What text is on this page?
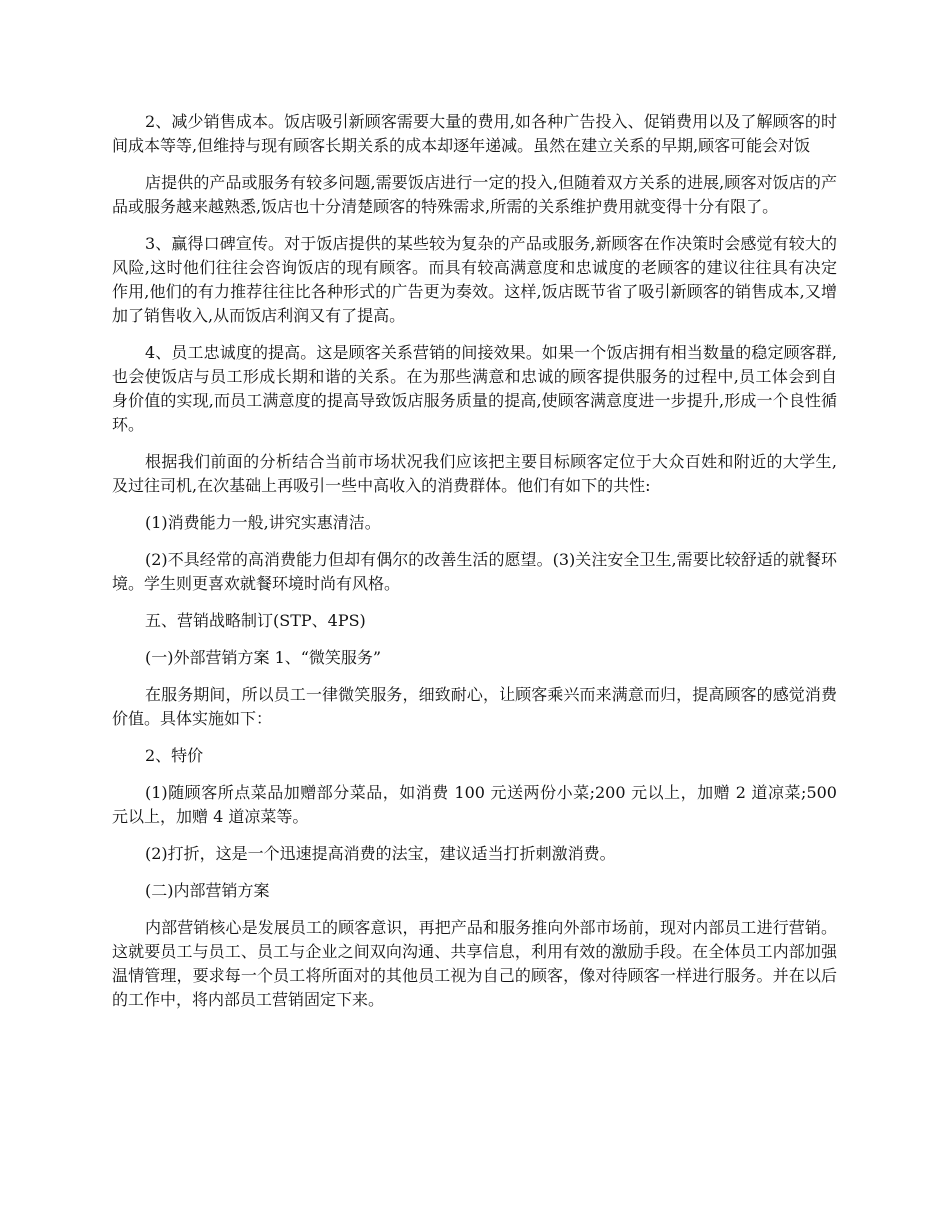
2、减少销售成本。饭店吸引新顾客需要大量的费用,如各种广告投入、促销费用以及了解顾客的时间成本等等,但维持与现有顾客长期关系的成本却逐年递减。虽然在建立关系的早期,顾客可能会对饭

店提供的产品或服务有较多问题,需要饭店进行一定的投入,但随着双方关系的进展,顾客对饭店的产品或服务越来越熟悉,饭店也十分清楚顾客的特殊需求,所需的关系维护费用就变得十分有限了。

3、赢得口碑宣传。对于饭店提供的某些较为复杂的产品或服务,新顾客在作决策时会感觉有较大的风险,这时他们往往会咨询饭店的现有顾客。而具有较高满意度和忠诚度的老顾客的建议往往具有决定作用,他们的有力推荐往往比各种形式的广告更为奏效。这样,饭店既节省了吸引新顾客的销售成本,又增加了销售收入,从而饭店利润又有了提高。

4、员工忠诚度的提高。这是顾客关系营销的间接效果。如果一个饭店拥有相当数量的稳定顾客群,也会使饭店与员工形成长期和谐的关系。在为那些满意和忠诚的顾客提供服务的过程中,员工体会到自身价值的实现,而员工满意度的提高导致饭店服务质量的提高,使顾客满意度进一步提升,形成一个良性循环。

根据我们前面的分析结合当前市场状况我们应该把主要目标顾客定位于大众百姓和附近的大学生,及过往司机,在次基础上再吸引一些中高收入的消费群体。他们有如下的共性:

(1)消费能力一般,讲究实惠清洁。

(2)不具经常的高消费能力但却有偶尔的改善生活的愿望。(3)关注安全卫生,需要比较舒适的就餐环境。学生则更喜欢就餐环境时尚有风格。

五、营销战略制订(STP、4PS)

(一)外部营销方案 1、“微笑服务”

在服务期间，所以员工一律微笑服务，细致耐心，让顾客乘兴而来满意而归，提高顾客的感觉消费价值。具体实施如下：

2、特价

(1)随顾客所点菜品加赠部分菜品，如消费 100 元送两份小菜;200 元以上，加赠 2 道凉菜;500 元以上，加赠 4 道凉菜等。

(2)打折，这是一个迅速提高消费的法宝，建议适当打折刺激消费。

(二)内部营销方案

内部营销核心是发展员工的顾客意识，再把产品和服务推向外部市场前，现对内部员工进行营销。这就要员工与员工、员工与企业之间双向沟通、共享信息，利用有效的激励手段。在全体员工内部加强温情管理，要求每一个员工将所面对的其他员工视为自己的顾客，像对待顾客一样进行服务。并在以后的工作中，将内部员工营销固定下来。
